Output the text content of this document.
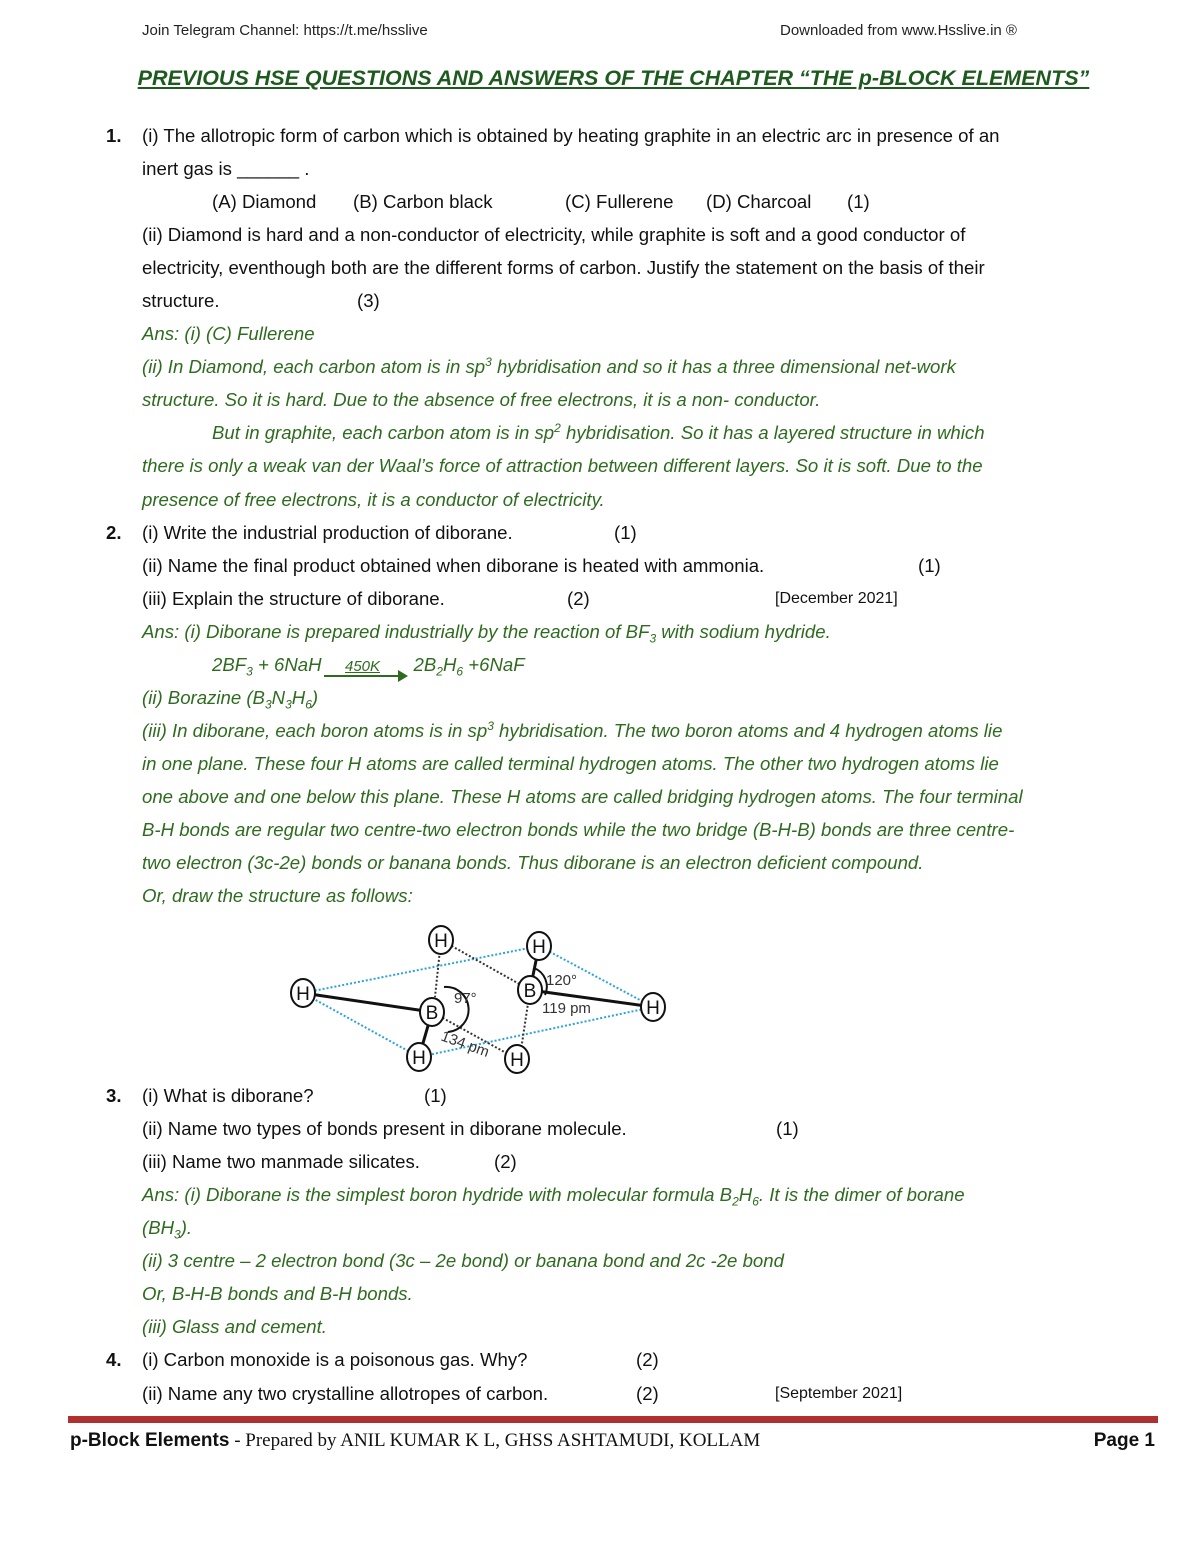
Join Telegram Channel: https://t.me/hsslive	Downloaded from www.Hsslive.in ®
PREVIOUS HSE QUESTIONS AND ANSWERS OF THE CHAPTER “THE p-BLOCK ELEMENTS”
1. (i) The allotropic form of carbon which is obtained by heating graphite in an electric arc in presence of an
inert gas is ______ .
(A) Diamond (B) Carbon black	(C) Fullerene (D) Charcoal (1)
(ii) Diamond is hard and a non-conductor of electricity, while graphite is soft and a good conductor of
electricity, eventhough both are the different forms of carbon. Justify the statement on the basis of their
structure.	(3)
Ans: (i) (C) Fullerene
(ii) In Diamond, each carbon atom is in $sp^3$ hybridisation and so it has a three dimensional net-work
structure. So it is hard. Due to the absence of free electrons, it is a non- conductor.
But in graphite, each carbon atom is in $sp^2$ hybridisation. So it has a layered structure in which
there is only a weak van der Waal’s force of attraction between different layers. So it is soft. Due to the
presence of free electrons, it is a conductor of electricity.
2. (i) Write the industrial production of diborane.	(1)
(ii) Name the final product obtained when diborane is heated with ammonia.	(1)
(iii) Explain the structure of diborane.	(2)	[December 2021]
Ans: (i) Diborane is prepared industrially by the reaction of $BF_3$ with sodium hydride.
$2BF_3 + 6NaH$ 450K $2B_2H_6 +6NaF$
(ii) Borazine $(B_3N_3H_6)$
(iii) In diborane, each boron atoms is in $sp^3$ hybridisation. The two boron atoms and 4 hydrogen atoms lie
in one plane. These four H atoms are called terminal hydrogen atoms. The other two hydrogen atoms lie
one above and one below this plane. These H atoms are called bridging hydrogen atoms. The four terminal
B-H bonds are regular two centre-two electron bonds while the two bridge (B-H-B) bonds are three centre-
two electron (3c-2e) bonds or banana bonds. Thus diborane is an electron deficient compound.
Or, draw the structure as follows:
H
H	H
H
H	H
B
B
97°
120°
119 pm
134 pm
3. (i) What is diborane?	(1)
(ii) Name two types of bonds present in diborane molecule.	(1)
(iii) Name two manmade silicates.	(2)
Ans: (i) Diborane is the simplest boron hydride with molecular formula $B_2H_6$. It is the dimer of borane
$(BH_3)$.
(ii) 3 centre – 2 electron bond (3c – 2e bond) or banana bond and 2c -2e bond
Or, B-H-B bonds and B-H bonds.
(iii) Glass and cement.
4. (i) Carbon monoxide is a poisonous gas. Why?	(2)
(ii) Name any two crystalline allotropes of carbon.	(2)	[September 2021]
p-Block Elements - Prepared by ANIL KUMAR K L, GHSS ASHTAMUDI, KOLLAM	Page 1
